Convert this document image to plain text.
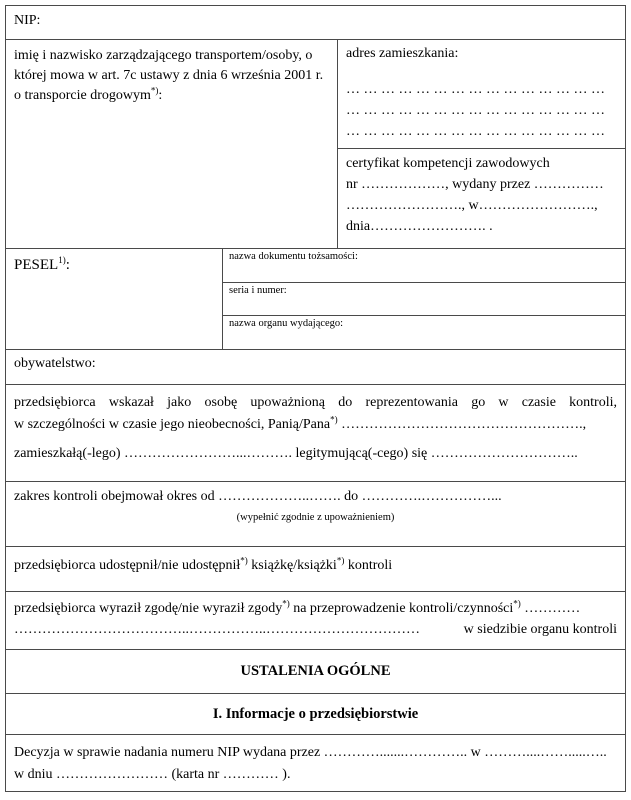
NIP:
imię i nazwisko zarządzającego transportem/osoby, o której mowa w art. 7c ustawy z dnia 6 września 2001 r. o transporcie drogowym*):
adres zamieszkania:
… … … … … … … … … … … … … … …
… … … … … … … … … … … … … … …
… … … … … … … … … … … … … … …
certyfikat kompetencji zawodowych
nr ………………, wydany przez ……………
……………………., w…………………….,
dnia……………………. .
PESEL$^{1)}$:
nazwa dokumentu tożsamości:
seria i numer:
nazwa organu wydającego:
obywatelstwo:
przedsiębiorca wskazał jako osobę upoważnioną do reprezentowania go w czasie kontroli,
w szczególności w czasie jego nieobecności, Panią/Pana*) …………………………………………….,
zamieszkałą(-lego) ……………………...………. legitymującą(-cego) się …………………………..
zakres kontroli obejmował okres od ………………..……. do ………….……………...
(wypełnić zgodnie z upoważnieniem)
przedsiębiorca udostępnił/nie udostępnił*) książkę/książki*) kontroli
przedsiębiorca wyraził zgodę/nie wyraził zgody*) na przeprowadzenie kontroli/czynności*) …………
………………………………..……………..……………………………	w siedzibie organu kontroli
USTALENIA OGÓLNE
I. Informacje o przedsiębiorstwie
Decyzja w sprawie nadania numeru NIP wydana przez ………….......………….. w ………....…….....…..
w dniu …………………… (karta nr ………… ).
